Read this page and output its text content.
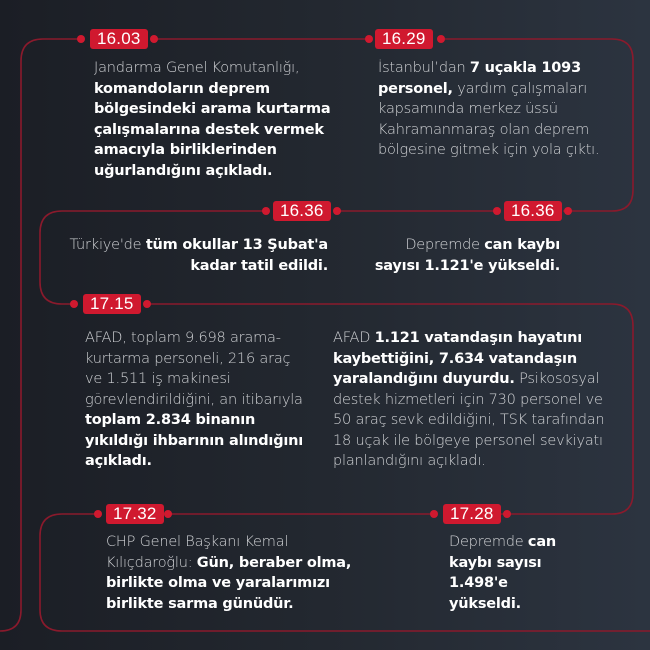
16.03
Jandarma Genel Komutanlığı, komandoların deprem bölgesindeki arama kurtarma çalışmalarına destek vermek amacıyla birliklerinden uğurlandığını açıkladı.
16.29
İstanbul’dan 7 uçakla 1093 personel, yardım çalışmaları kapsamında merkez üssü Kahramanmaraş olan deprem bölgesine gitmek için yola çıktı.
16.36
Türkiye'de tüm okullar 13 Şubat'a kadar tatil edildi.
16.36
Depremde can kaybı sayısı 1.121'e yükseldi.
17.15
AFAD, toplam 9.698 arama-kurtarma personeli, 216 araç ve 1.511 iş makinesi görevlendirildiğini, an itibarıyla toplam 2.834 binanın yıkıldığı ihbarının alındığını açıkladı.
AFAD 1.121 vatandaşın hayatını kaybettiğini, 7.634 vatandaşın yaralandığını duyurdu. Psikososyal destek hizmetleri için 730 personel ve 50 araç sevk edildiğini, TSK tarafından 18 uçak ile bölgeye personel sevkiyatı planlandığını açıkladı.
17.32
CHP Genel Başkanı Kemal Kılıçdaroğlu: Gün, beraber olma, birlikte olma ve yaralarımızı birlikte sarma günüdür.
17.28
Depremde can kaybı sayısı 1.498'e yükseldi.
